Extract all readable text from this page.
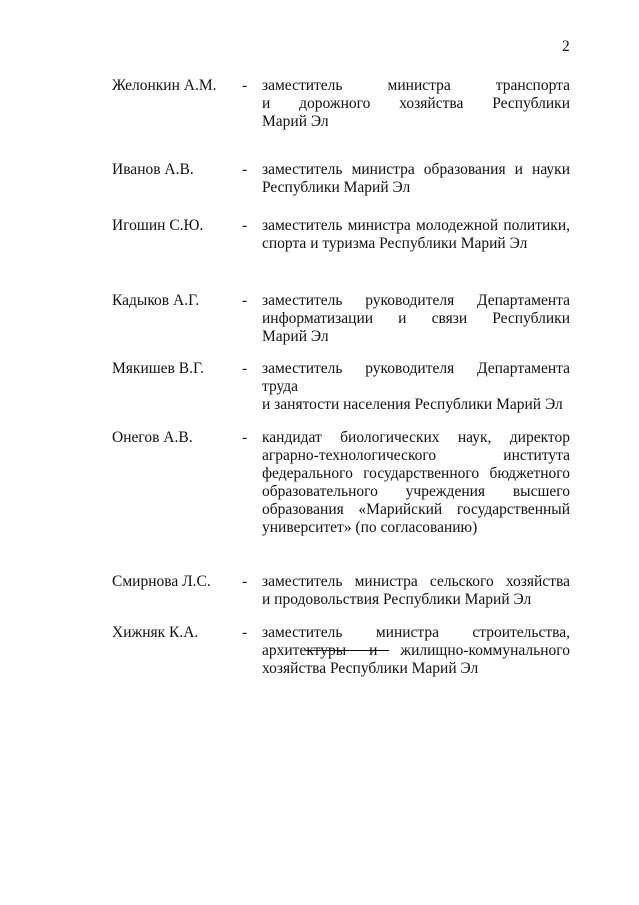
2
Желонкин А.М.	- заместитель министра транспорта
и дорожного хозяйства Республики
Марий Эл
Иванов А.В.	- заместитель министра образования и науки
Республики Марий Эл
Игошин С.Ю.	- заместитель министра молодежной политики,
спорта и туризма Республики Марий Эл
Кадыков А.Г.	- заместитель руководителя Департамента
информатизации и связи Республики
Марий Эл
Мякишев В.Г.	- заместитель руководителя Департамента труда
и занятости населения Республики Марий Эл
Онегов А.В.	- кандидат биологических наук, директор
аграрно-технологического института
федерального государственного бюджетного
образовательного учреждения высшего
образования «Марийский государственный
университет» (по согласованию)
Смирнова Л.С.	- заместитель министра сельского хозяйства
и продовольствия Республики Марий Эл
Хижняк К.А.	- заместитель министра строительства,
архитектуры и жилищно-коммунального
хозяйства Республики Марий Эл
